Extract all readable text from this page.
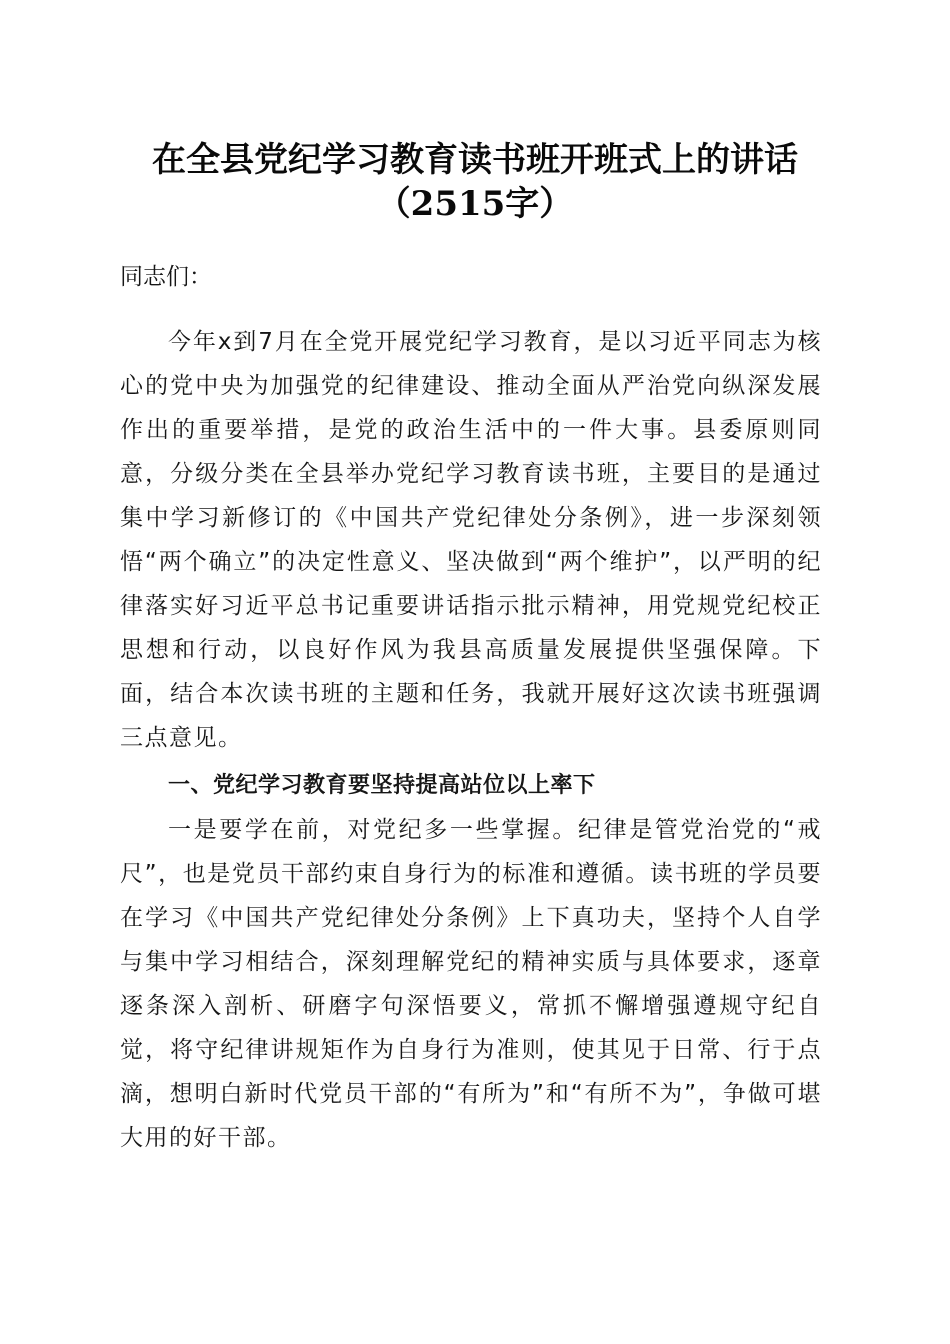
在全县党纪学习教育读书班开班式上的讲话
（2515字）

同志们：

今年x到7月在全党开展党纪学习教育，是以习近平同志为核心的党中央为加强党的纪律建设、推动全面从严治党向纵深发展作出的重要举措，是党的政治生活中的一件大事。县委原则同意，分级分类在全县举办党纪学习教育读书班，主要目的是通过集中学习新修订的《中国共产党纪律处分条例》，进一步深刻领悟“两个确立”的决定性意义、坚决做到“两个维护”，以严明的纪律落实好习近平总书记重要讲话指示批示精神，用党规党纪校正思想和行动，以良好作风为我县高质量发展提供坚强保障。下面，结合本次读书班的主题和任务，我就开展好这次读书班强调三点意见。

一、党纪学习教育要坚持提高站位以上率下

一是要学在前，对党纪多一些掌握。纪律是管党治党的“戒尺”，也是党员干部约束自身行为的标准和遵循。读书班的学员要在学习《中国共产党纪律处分条例》上下真功夫，坚持个人自学与集中学习相结合，深刻理解党纪的精神实质与具体要求，逐章逐条深入剖析、研磨字句深悟要义，常抓不懈增强遵规守纪自觉，将守纪律讲规矩作为自身行为准则，使其见于日常、行于点滴，想明白新时代党员干部的“有所为”和“有所不为”，争做可堪大用的好干部。
